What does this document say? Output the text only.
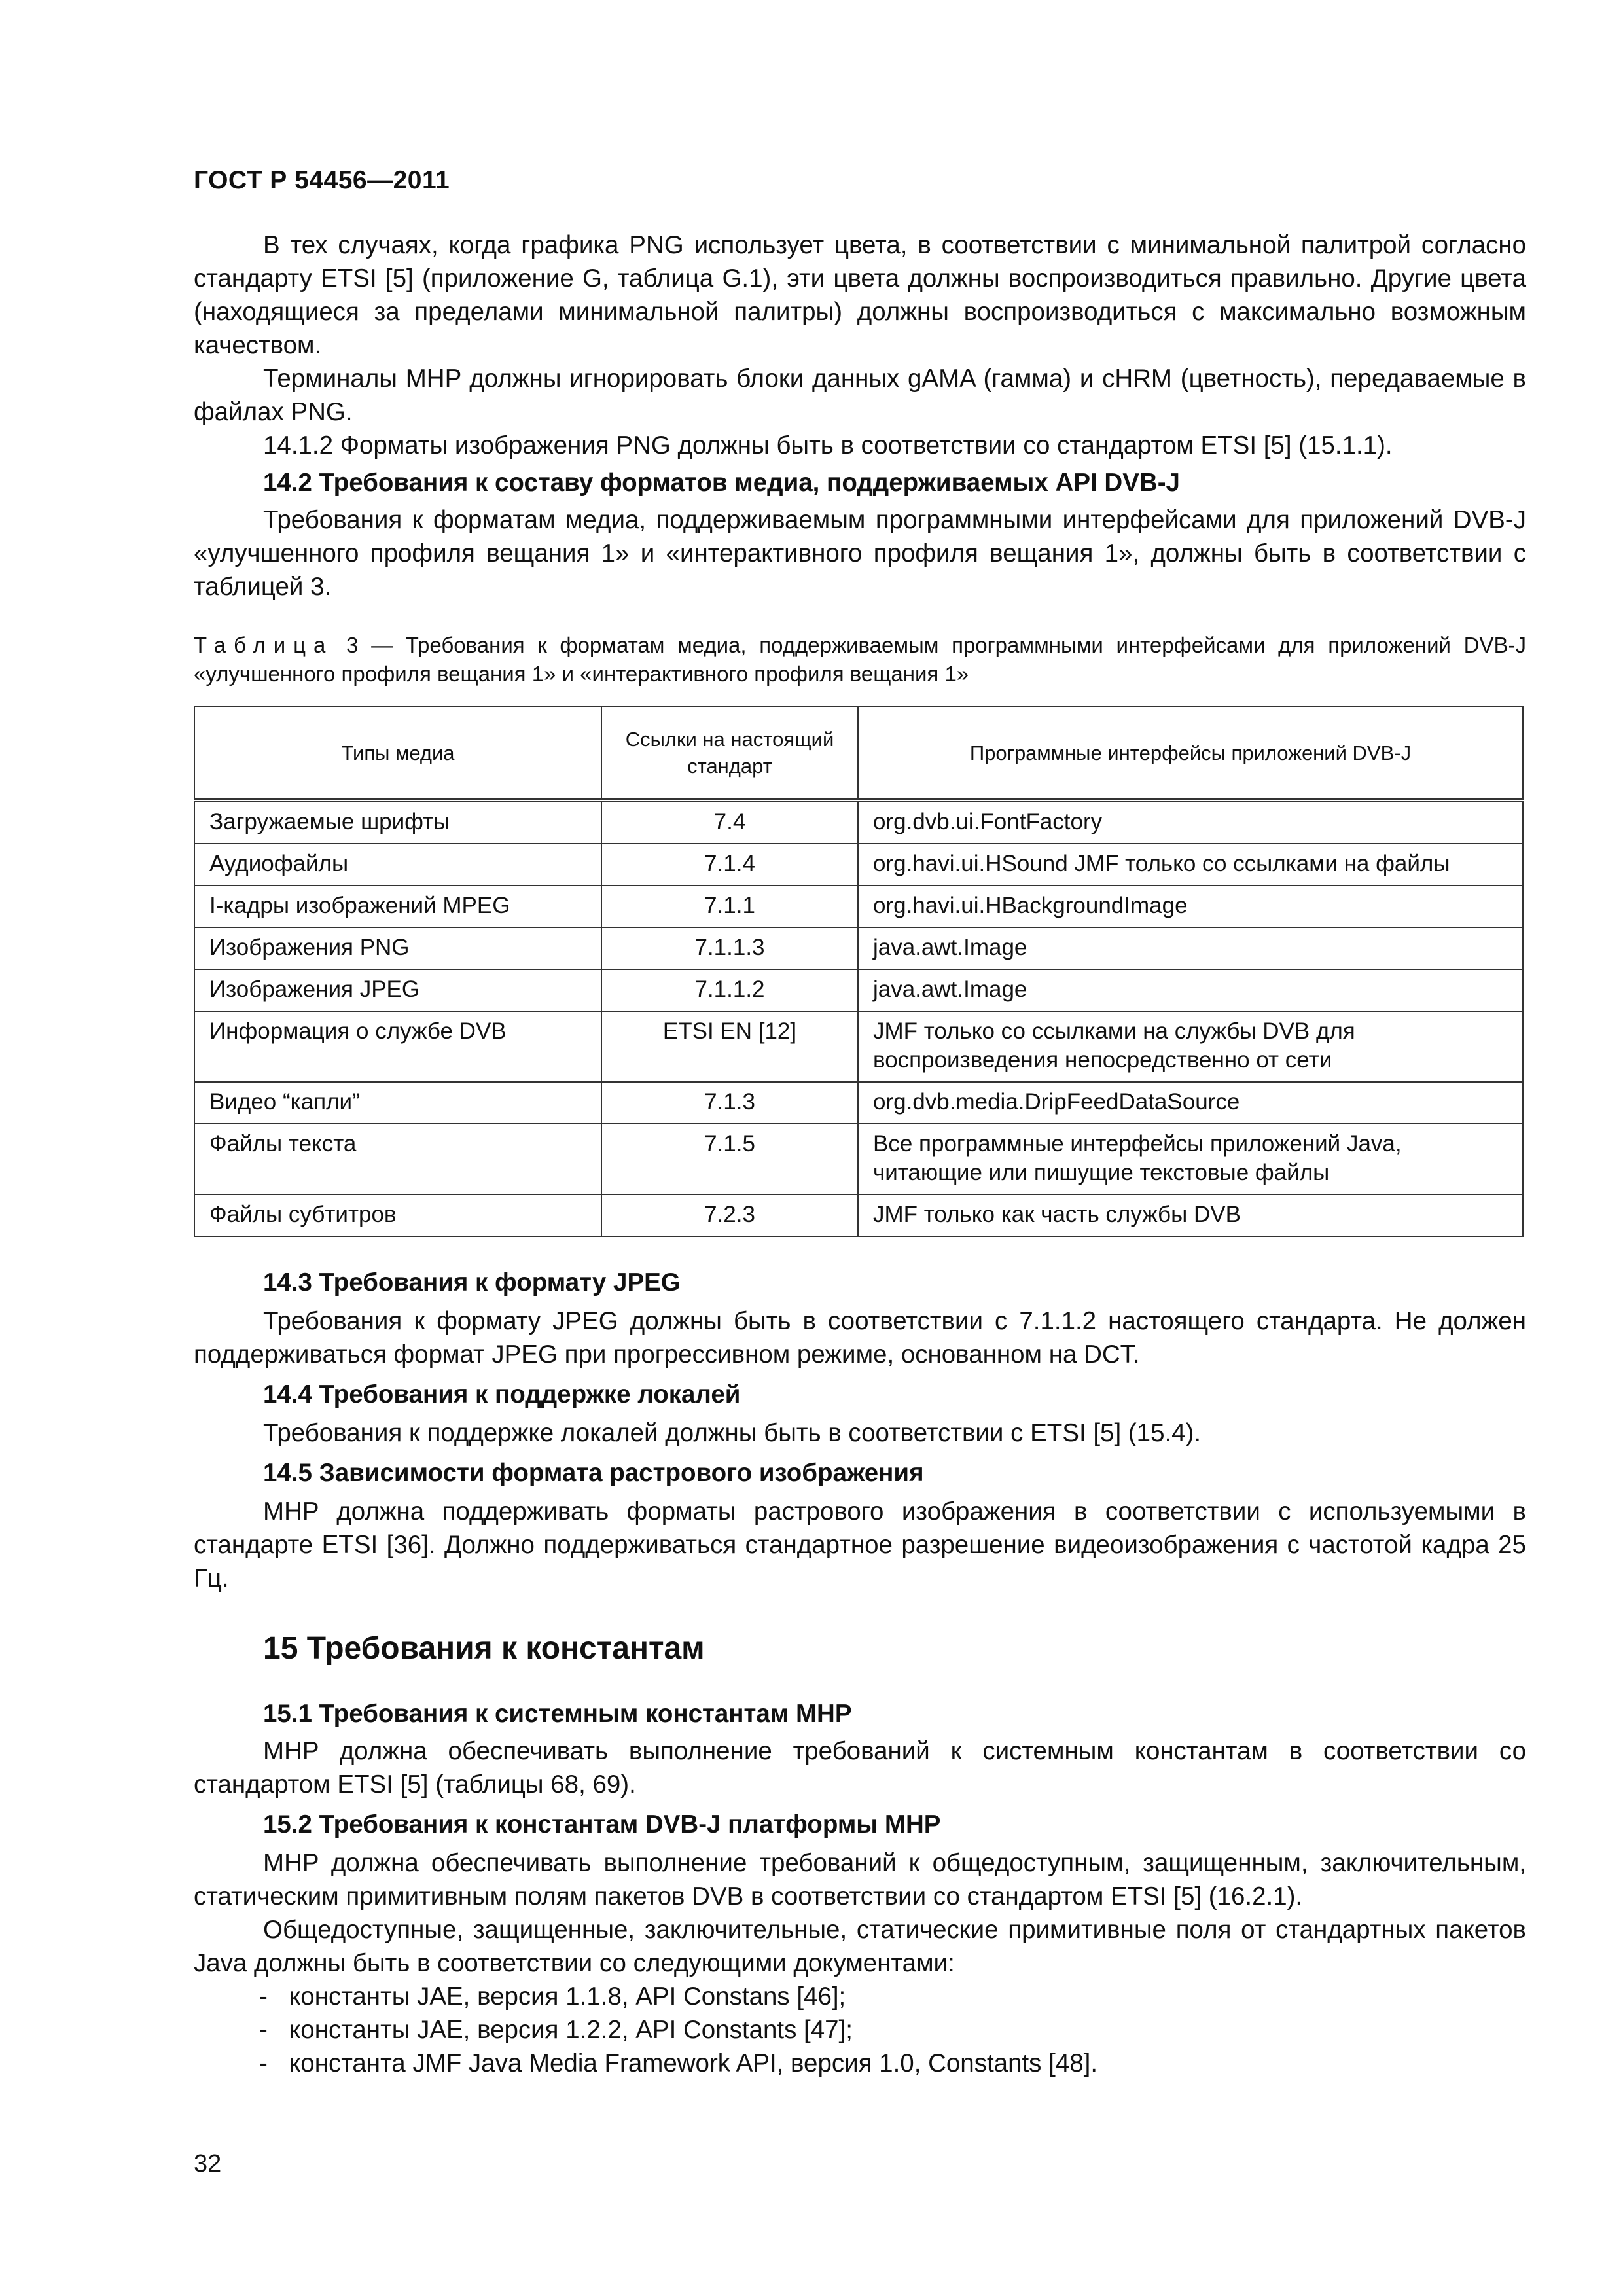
ГОСТ Р 54456—2011

В тех случаях, когда графика PNG использует цвета, в соответствии с минимальной палитрой согласно стандарту ETSI [5] (приложение G, таблица G.1), эти цвета должны воспроизводиться правильно. Другие цвета (находящиеся за пределами минимальной палитры) должны воспроизводиться с максимально возможным качеством.

Терминалы MHP должны игнорировать блоки данных gAMA (гамма) и cHRM (цветность), передаваемые в файлах PNG.

14.1.2 Форматы изображения PNG должны быть в соответствии со стандартом ETSI [5] (15.1.1).

14.2 Требования к составу форматов медиа, поддерживаемых API DVB-J

Требования к форматам медиа, поддерживаемым программными интерфейсами для приложений DVB-J «улучшенного профиля вещания 1» и «интерактивного профиля вещания 1», должны быть в соответствии с таблицей 3.

Таблица 3 — Требования к форматам медиа, поддерживаемым программными интерфейсами для приложений DVB-J «улучшенного профиля вещания 1» и «интерактивного профиля вещания 1»

Типы медиа	Ссылки на настоящий стандарт	Программные интерфейсы приложений DVB-J
Загружаемые шрифты	7.4	org.dvb.ui.FontFactory
Аудиофайлы	7.1.4	org.havi.ui.HSound JMF только со ссылками на файлы
I-кадры изображений MPEG	7.1.1	org.havi.ui.HBackgroundImage
Изображения PNG	7.1.1.3	java.awt.Image
Изображения JPEG	7.1.1.2	java.awt.Image
Информация о службе DVB	ETSI EN [12]	JMF только со ссылками на службы DVB для воспроизведения непосредственно от сети
Видео “капли”	7.1.3	org.dvb.media.DripFeedDataSource
Файлы текста	7.1.5	Все программные интерфейсы приложений Java, читающие или пишущие текстовые файлы
Файлы субтитров	7.2.3	JMF только как часть службы DVB
14.3 Требования к формату JPEG

Требования к формату JPEG должны быть в соответствии с 7.1.1.2 настоящего стандарта. Не должен поддерживаться формат JPEG при прогрессивном режиме, основанном на DCT.

14.4 Требования к поддержке локалей

Требования к поддержке локалей должны быть в соответствии с ETSI [5] (15.4).

14.5 Зависимости формата растрового изображения

MHP должна поддерживать форматы растрового изображения в соответствии с используемыми в стандарте ETSI [36]. Должно поддерживаться стандартное разрешение видеоизображения с частотой кадра 25 Гц.

15 Требования к константам
15.1 Требования к системным константам MHP

MHP должна обеспечивать выполнение требований к системным константам в соответствии со стандартом ETSI [5] (таблицы 68, 69).

15.2 Требования к константам DVB-J платформы MHP

MHP должна обеспечивать выполнение требований к общедоступным, защищенным, заключительным, статическим примитивным полям пакетов DVB в соответствии со стандартом ETSI [5] (16.2.1).

Общедоступные, защищенные, заключительные, статические примитивные поля от стандартных пакетов Java должны быть в соответствии со следующими документами:

- константы JAE, версия 1.1.8, API Constans [46];
- константы JAE, версия 1.2.2, API Constants [47];
- константа JMF Java Media Framework API, версия 1.0, Constants [48].
32
